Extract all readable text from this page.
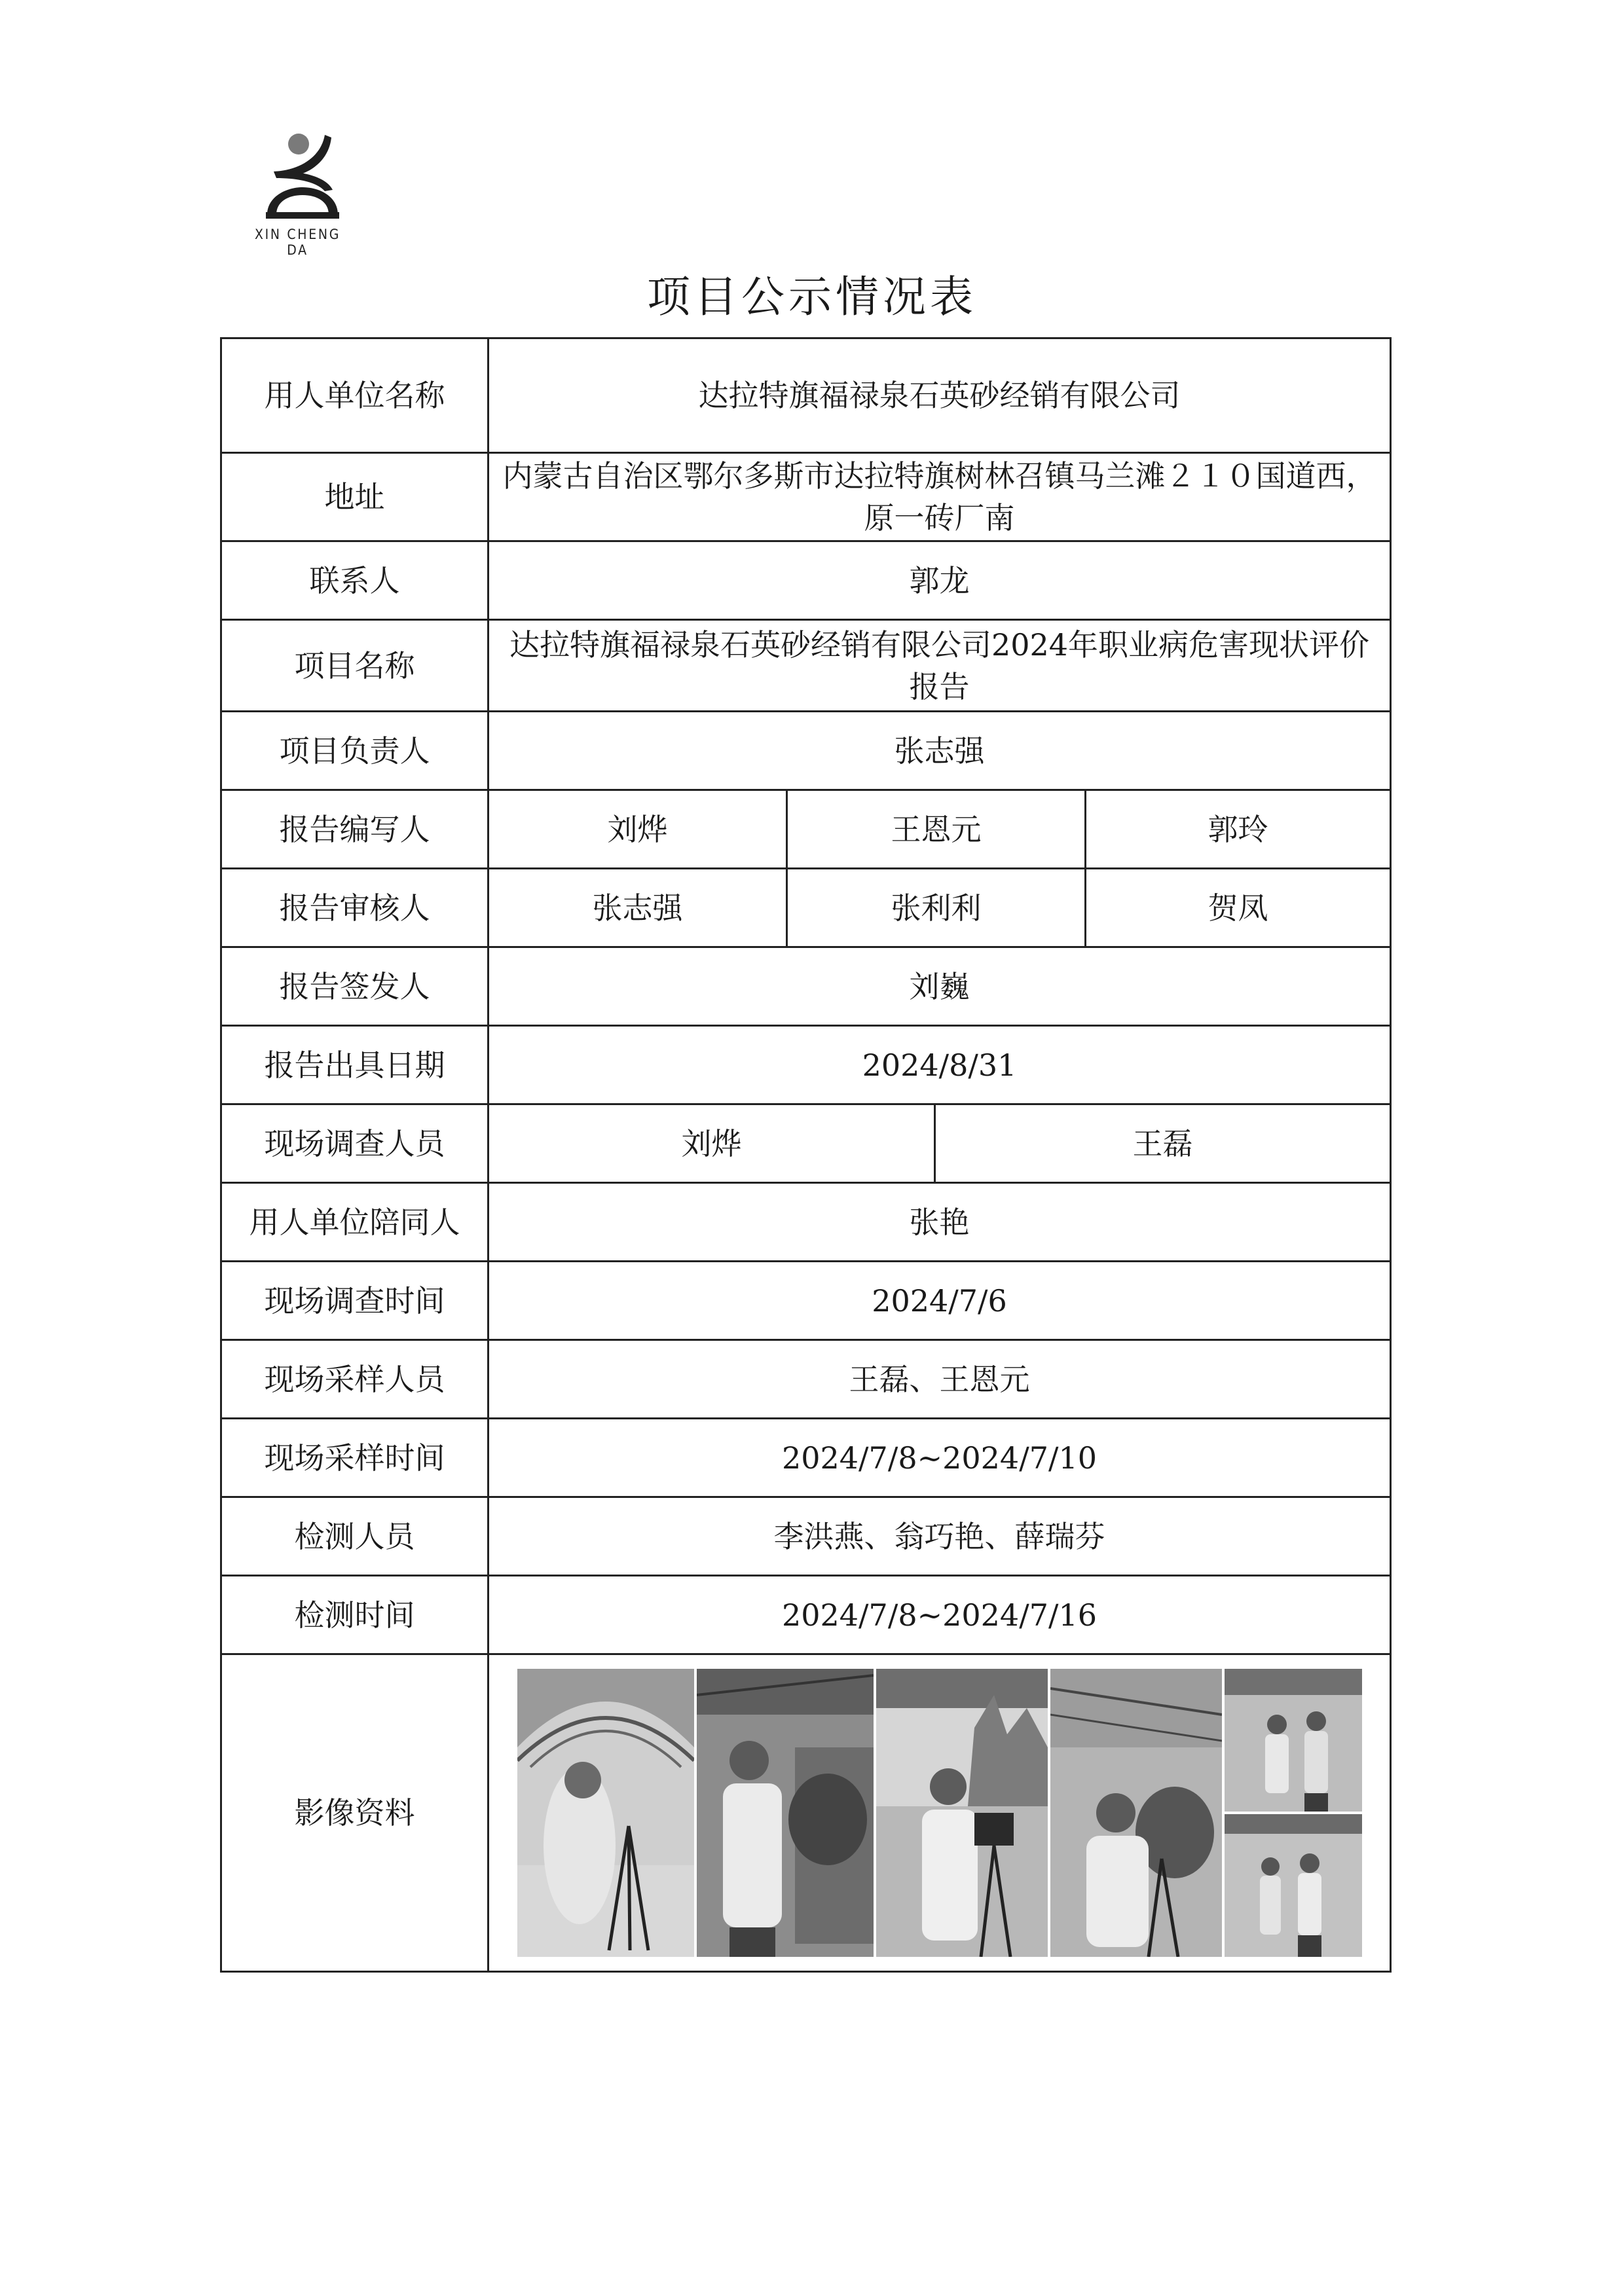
XIN CHENG DA
项目公示情况表
用人单位名称	达拉特旗福禄泉石英砂经销有限公司			
地址	内蒙古自治区鄂尔多斯市达拉特旗树林召镇马兰滩２１０国道西，原一砖厂南			
联系人	郭龙			
项目名称	达拉特旗福禄泉石英砂经销有限公司2024年职业病危害现状评价报告			
项目负责人	张志强			
报告编写人	刘烨	王恩元		郭玲
报告审核人	张志强	张利利		贺凤
报告签发人	刘巍			
报告出具日期	2024/8/31			
现场调查人员	刘烨		王磊	
用人单位陪同人	张艳			
现场调查时间	2024/7/6			
现场采样人员	王磊、王恩元			
现场采样时间	2024/7/8~2024/7/10			
检测人员	李洪燕、翁巧艳、薛瑞芬			
检测时间	2024/7/8~2024/7/16			
影像资料	
